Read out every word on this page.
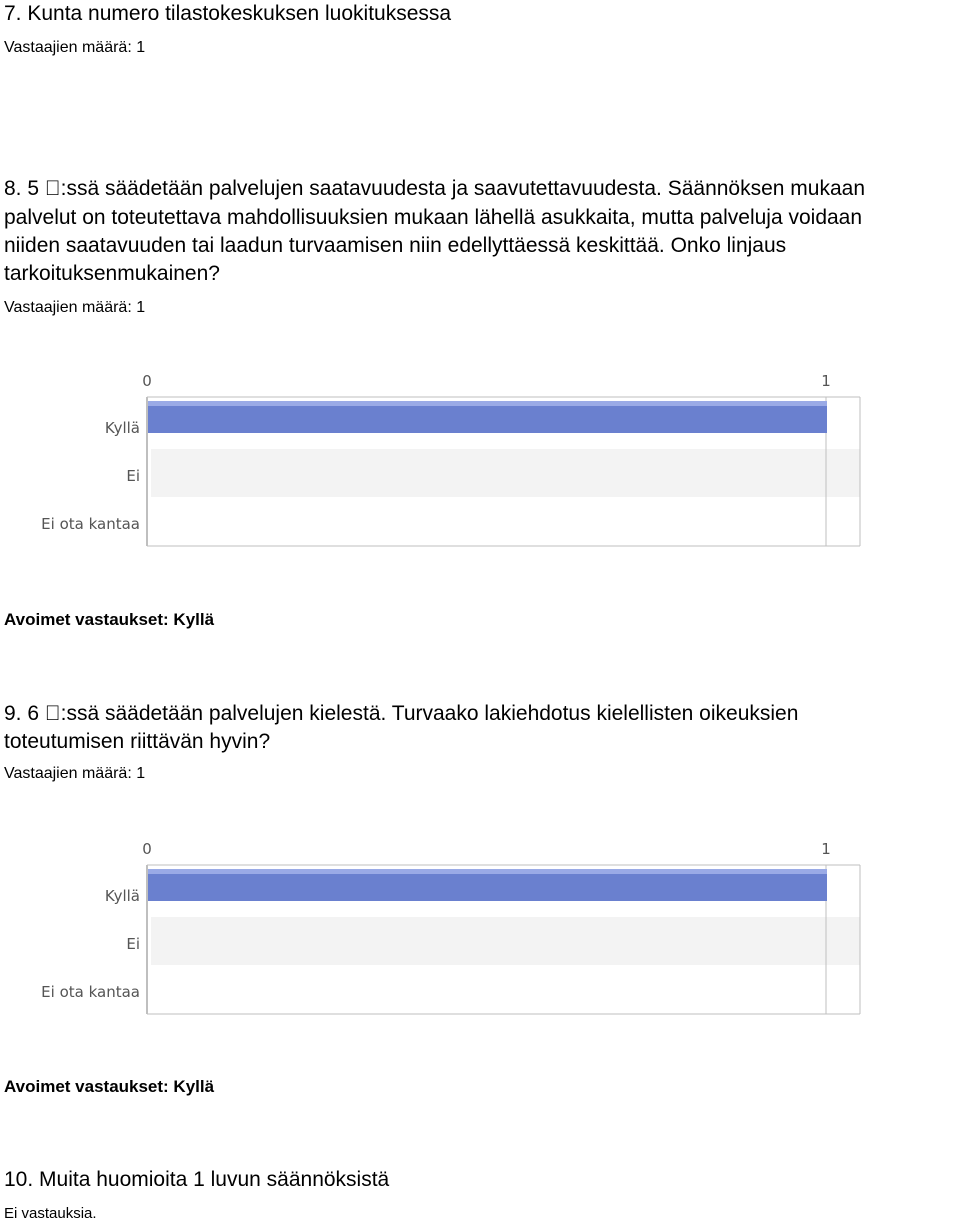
7. Kunta numero tilastokeskuksen luokituksessa
Vastaajien määrä: 1
8. 5 :ssä säädetään palvelujen saatavuudesta ja saavutettavuudesta. Säännöksen mukaan
palvelut on toteutettava mahdollisuuksien mukaan lähellä asukkaita, mutta palveluja voidaan
niiden saatavuuden tai laadun turvaamisen niin edellyttäessä keskittää. Onko linjaus
tarkoituksenmukainen?
Vastaajien määrä: 1
0	1
Kyllä
Ei
Ei ota kantaa
Avoimet vastaukset: Kyllä
9. 6 :ssä säädetään palvelujen kielestä. Turvaako lakiehdotus kielellisten oikeuksien
toteutumisen riittävän hyvin?
Vastaajien määrä: 1
0	1
Kyllä
Ei
Ei ota kantaa
Avoimet vastaukset: Kyllä
10. Muita huomioita 1 luvun säännöksistä
Ei vastauksia.
